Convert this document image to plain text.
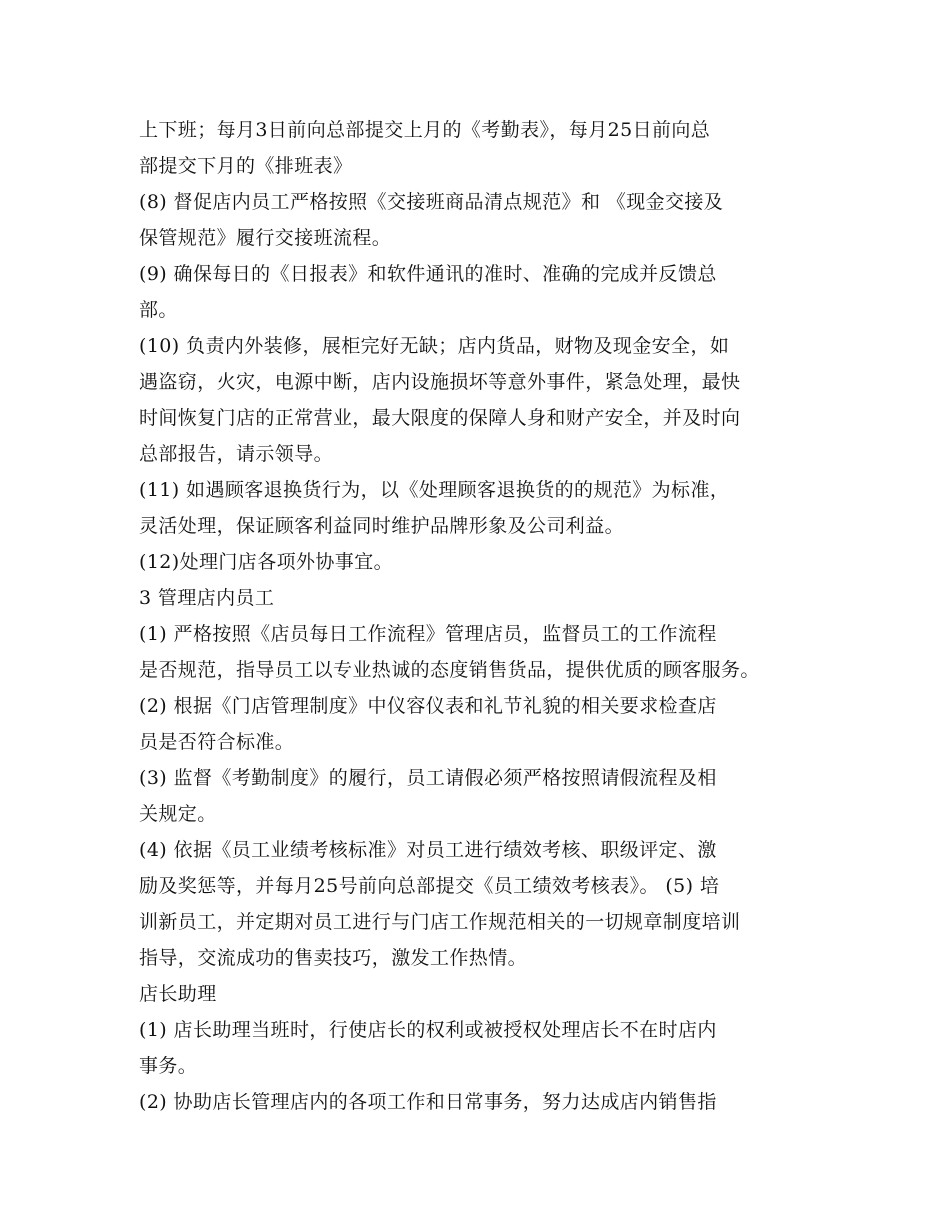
上下班；每月3日前向总部提交上月的《考勤表》，每月25日前向总
部提交下月的《排班表》
(8) 督促店内员工严格按照《交接班商品清点规范》和 《现金交接及
保管规范》履行交接班流程。
(9) 确保每日的《日报表》和软件通讯的准时、准确的完成并反馈总
部。
(10) 负责内外装修，展柜完好无缺；店内货品，财物及现金安全，如
遇盗窃，火灾，电源中断，店内设施损坏等意外事件，紧急处理，最快
时间恢复门店的正常营业，最大限度的保障人身和财产安全，并及时向
总部报告，请示领导。
(11) 如遇顾客退换货行为，以《处理顾客退换货的的规范》为标准，
灵活处理，保证顾客利益同时维护品牌形象及公司利益。
(12)处理门店各项外协事宜。
3 管理店内员工
(1) 严格按照《店员每日工作流程》管理店员，监督员工的工作流程
是否规范，指导员工以专业热诚的态度销售货品，提供优质的顾客服务。
(2) 根据《门店管理制度》中仪容仪表和礼节礼貌的相关要求检查店
员是否符合标准。
(3) 监督《考勤制度》的履行，员工请假必须严格按照请假流程及相
关规定。
(4) 依据《员工业绩考核标准》对员工进行绩效考核、职级评定、激
励及奖惩等，并每月25号前向总部提交《员工绩效考核表》。 (5) 培
训新员工，并定期对员工进行与门店工作规范相关的一切规章制度培训
指导，交流成功的售卖技巧，激发工作热情。
店长助理
(1) 店长助理当班时，行使店长的权利或被授权处理店长不在时店内
事务。
(2) 协助店长管理店内的各项工作和日常事务，努力达成店内销售指
